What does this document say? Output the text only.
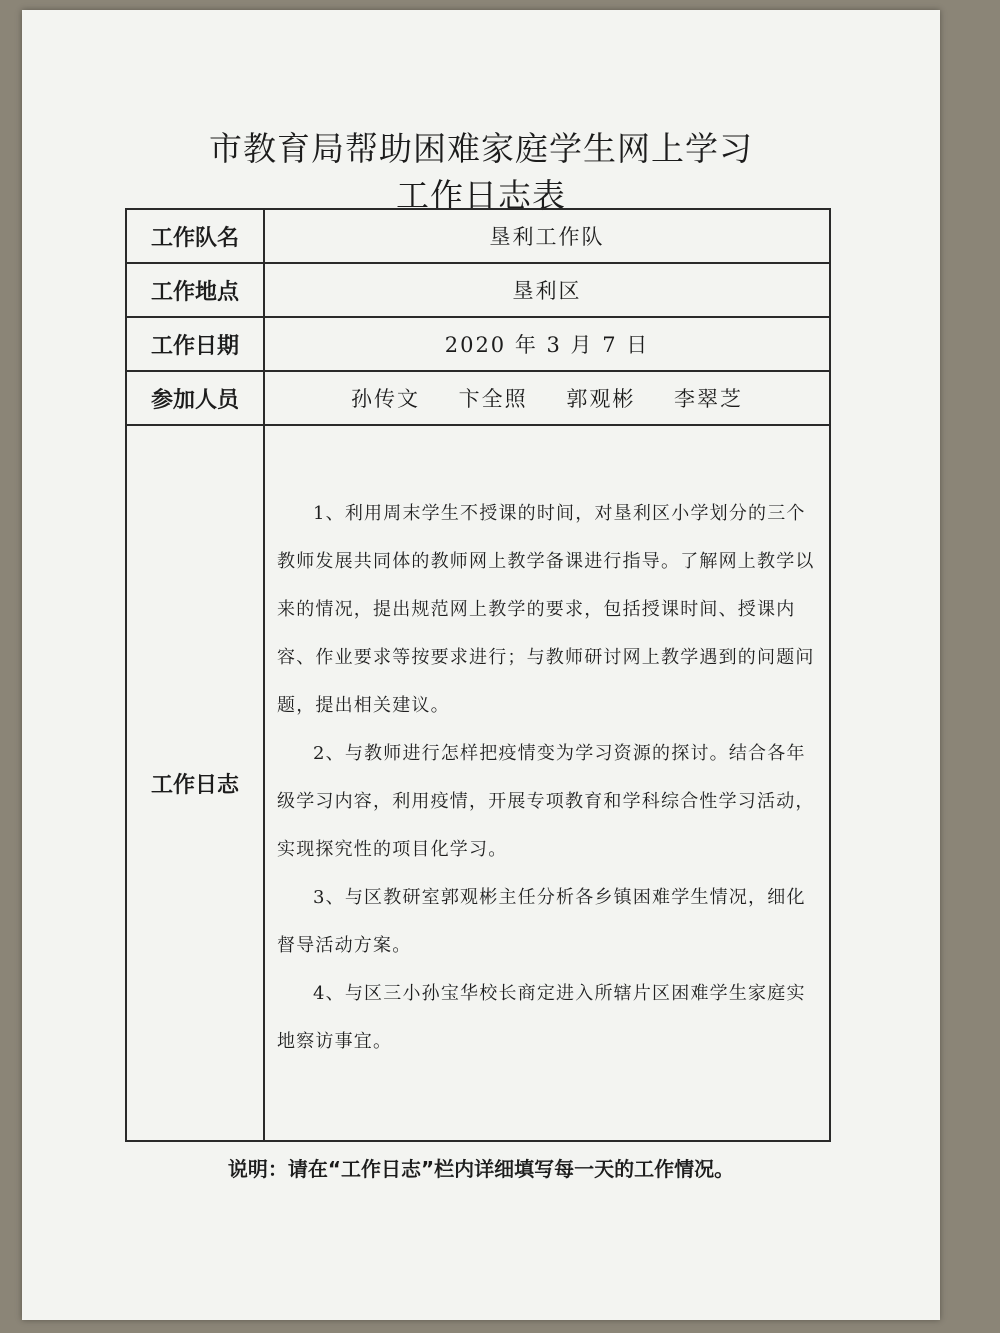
市教育局帮助困难家庭学生网上学习
工作日志表
工作队名	垦利工作队
工作地点	垦利区
工作日期	2020 年 3 月 7 日
参加人员	孙传文 卞全照 郭观彬 李翠芝
工作日志	1、利用周末学生不授课的时间，对垦利区小学划分的三个教师发展共同体的教师网上教学备课进行指导。了解网上教学以来的情况，提出规范网上教学的要求，包括授课时间、授课内容、作业要求等按要求进行；与教师研讨网上教学遇到的问题问题，提出相关建议。

2、与教师进行怎样把疫情变为学习资源的探讨。结合各年级学习内容，利用疫情，开展专项教育和学科综合性学习活动，实现探究性的项目化学习。

3、与区教研室郭观彬主任分析各乡镇困难学生情况，细化督导活动方案。

4、与区三小孙宝华校长商定进入所辖片区困难学生家庭实地察访事宜。

说明：请在“工作日志”栏内详细填写每一天的工作情况。
